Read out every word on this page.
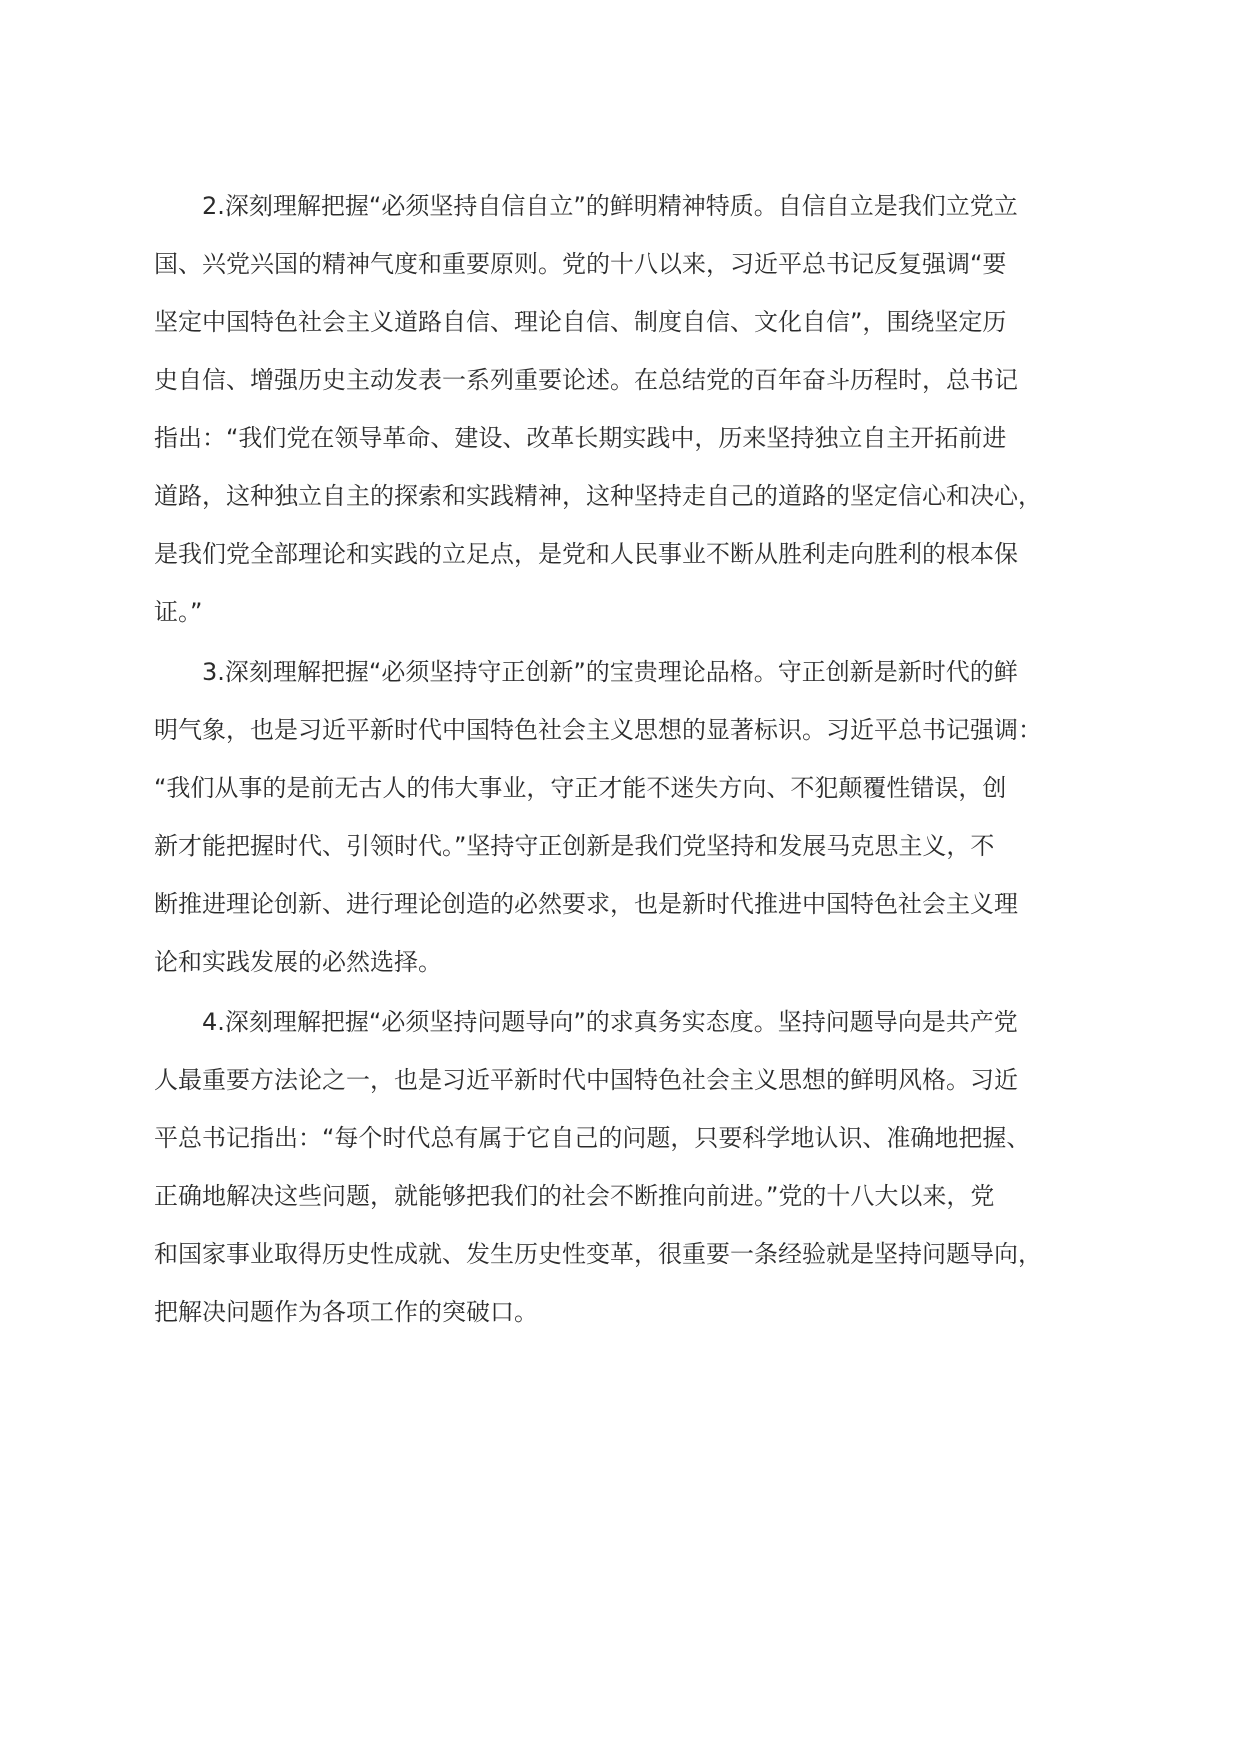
2.深刻理解把握“必须坚持自信自立”的鲜明精神特质。自信自立是我们立党立
国、兴党兴国的精神气度和重要原则。党的十八以来，习近平总书记反复强调“要
坚定中国特色社会主义道路自信、理论自信、制度自信、文化自信”，围绕坚定历
史自信、增强历史主动发表一系列重要论述。在总结党的百年奋斗历程时，总书记
指出：“我们党在领导革命、建设、改革长期实践中，历来坚持独立自主开拓前进
道路，这种独立自主的探索和实践精神，这种坚持走自己的道路的坚定信心和决心，
是我们党全部理论和实践的立足点，是党和人民事业不断从胜利走向胜利的根本保
证。”
3.深刻理解把握“必须坚持守正创新”的宝贵理论品格。守正创新是新时代的鲜
明气象，也是习近平新时代中国特色社会主义思想的显著标识。习近平总书记强调：
“我们从事的是前无古人的伟大事业，守正才能不迷失方向、不犯颠覆性错误，创
新才能把握时代、引领时代。”坚持守正创新是我们党坚持和发展马克思主义，不
断推进理论创新、进行理论创造的必然要求，也是新时代推进中国特色社会主义理
论和实践发展的必然选择。
4.深刻理解把握“必须坚持问题导向”的求真务实态度。坚持问题导向是共产党
人最重要方法论之一，也是习近平新时代中国特色社会主义思想的鲜明风格。习近
平总书记指出：“每个时代总有属于它自己的问题，只要科学地认识、准确地把握、
正确地解决这些问题，就能够把我们的社会不断推向前进。”党的十八大以来，党
和国家事业取得历史性成就、发生历史性变革，很重要一条经验就是坚持问题导向，
把解决问题作为各项工作的突破口。
